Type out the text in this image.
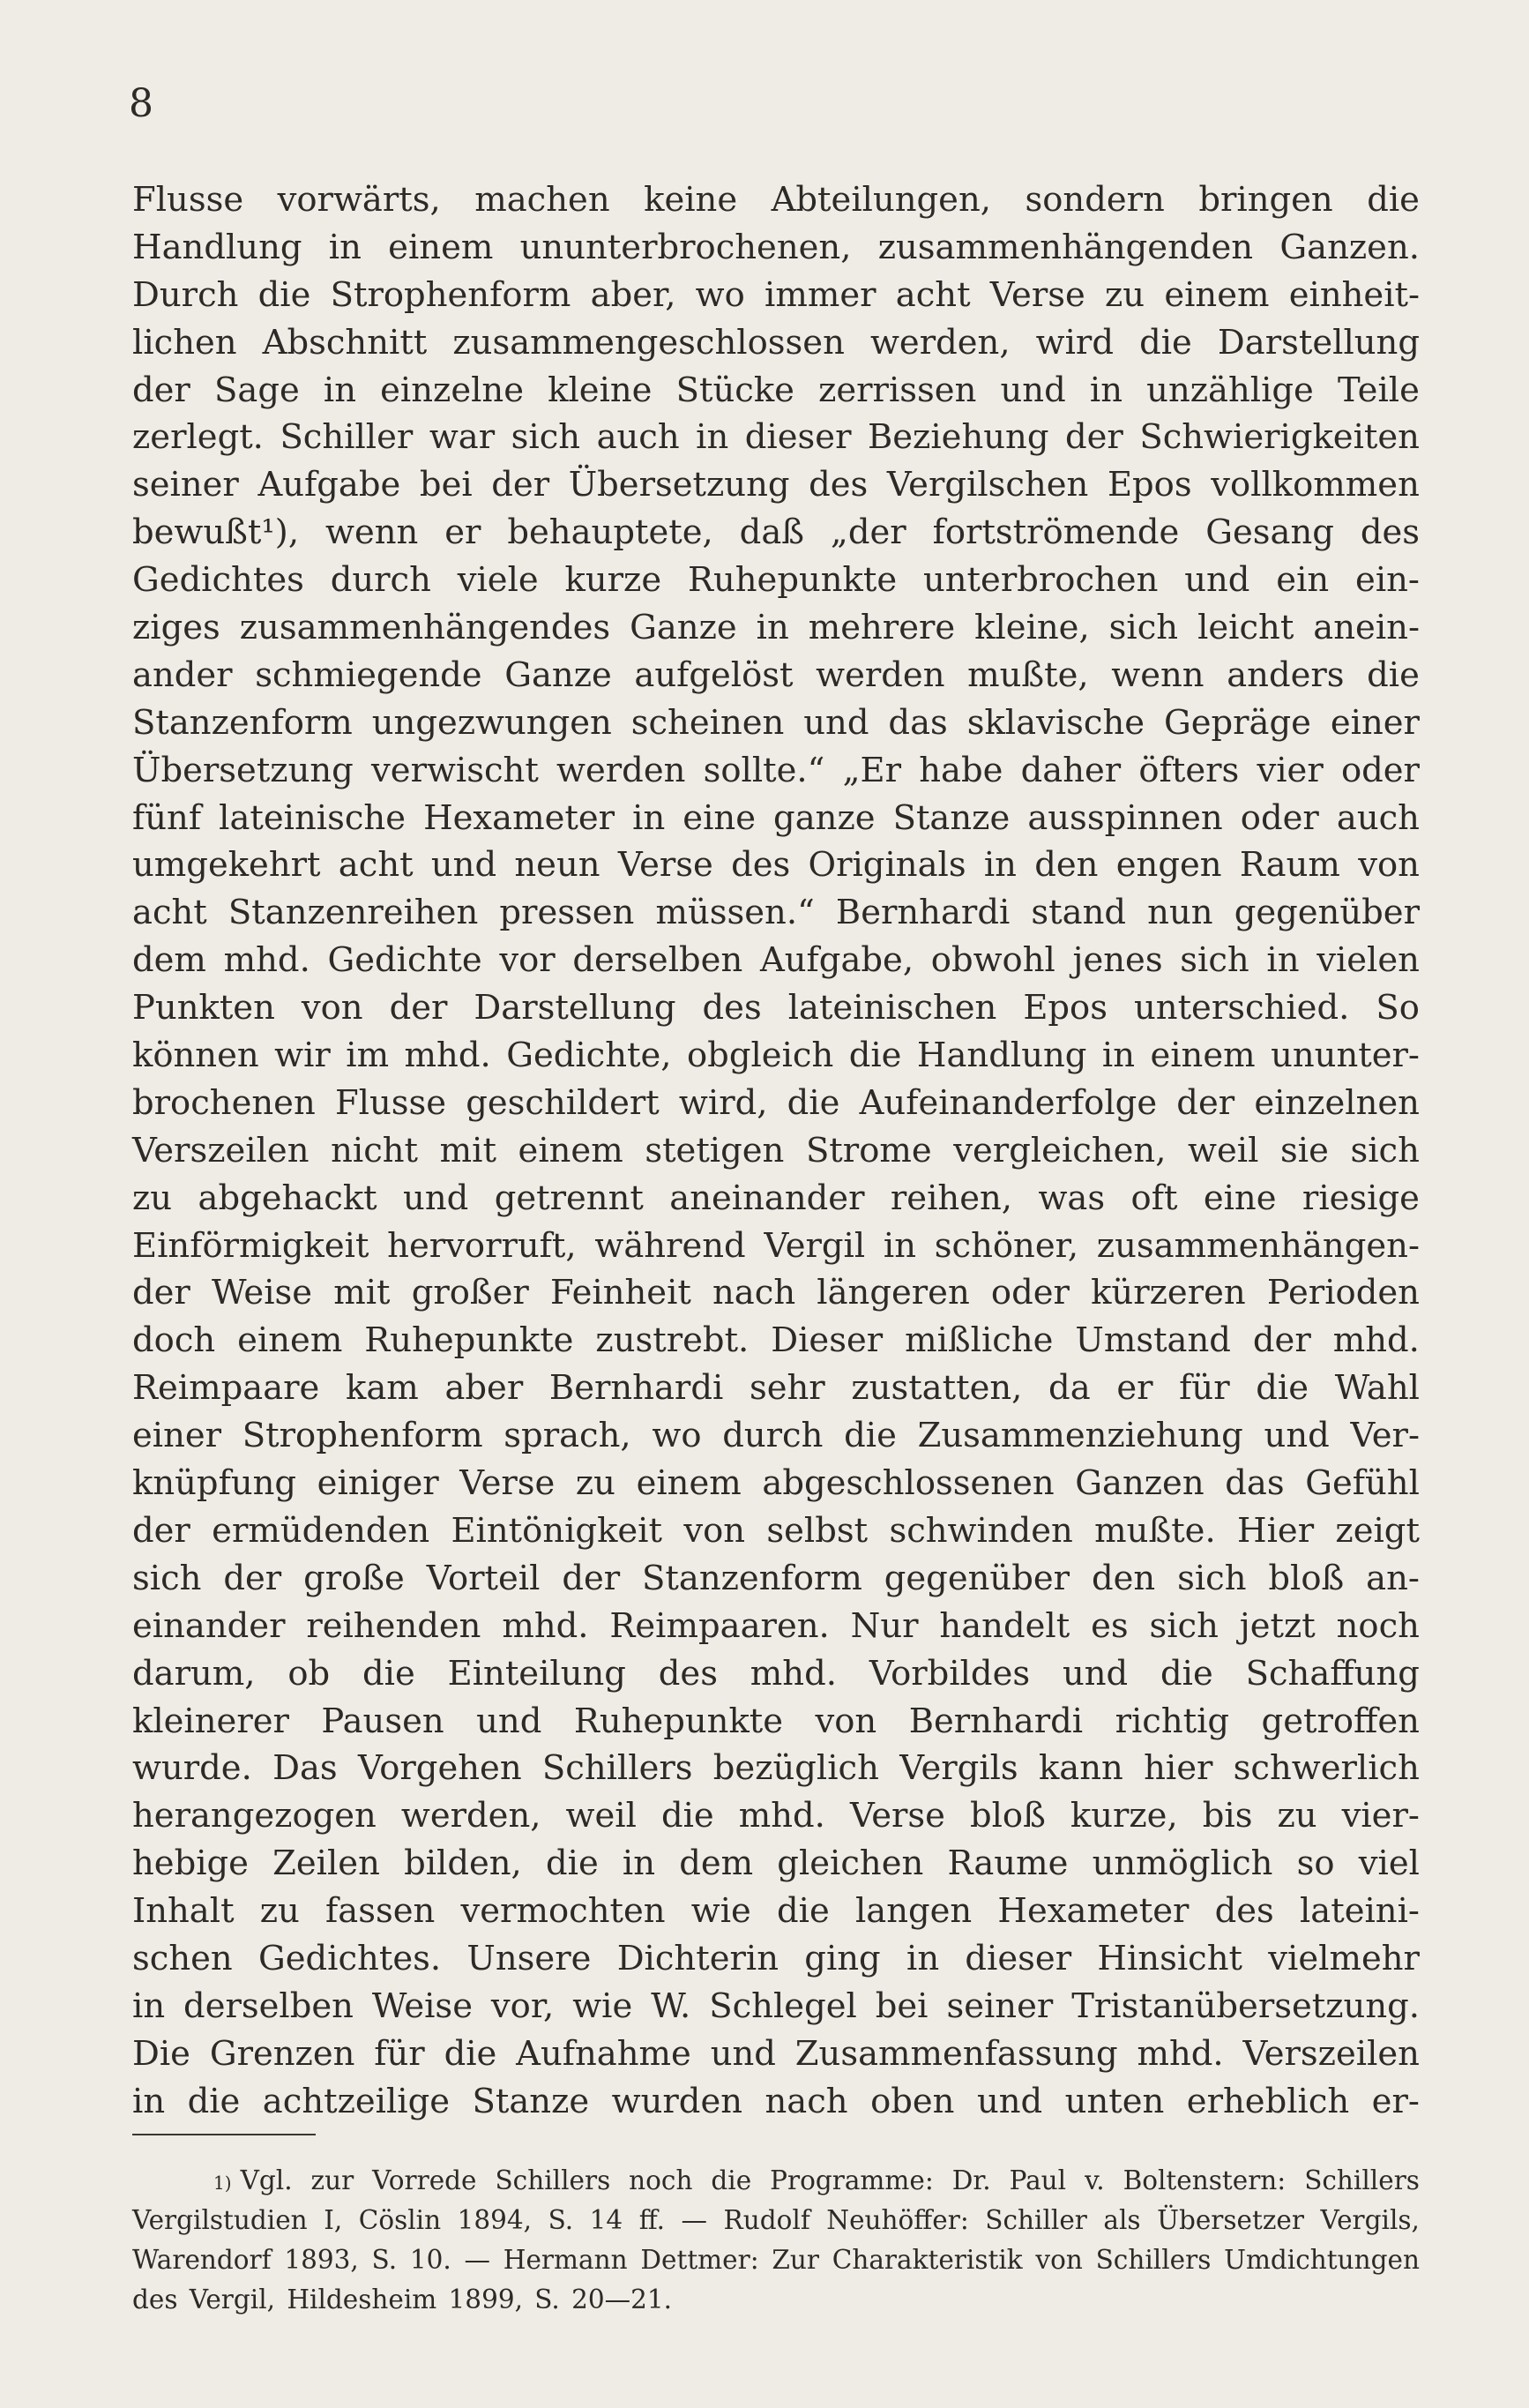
8
Flusse vorwärts, machen keine Abteilungen, sondern bringen die
Handlung in einem ununterbrochenen, zusammenhängenden Ganzen.
Durch die Strophenform aber, wo immer acht Verse zu einem einheit-
lichen Abschnitt zusammengeschlossen werden, wird die Darstellung
der Sage in einzelne kleine Stücke zerrissen und in unzählige Teile
zerlegt. Schiller war sich auch in dieser Beziehung der Schwierigkeiten
seiner Aufgabe bei der Übersetzung des Vergilschen Epos vollkommen
bewußt¹), wenn er behauptete, daß „der fortströmende Gesang des
Gedichtes durch viele kurze Ruhepunkte unterbrochen und ein ein-
ziges zusammenhängendes Ganze in mehrere kleine, sich leicht anein-
ander schmiegende Ganze aufgelöst werden mußte, wenn anders die
Stanzenform ungezwungen scheinen und das sklavische Gepräge einer
Übersetzung verwischt werden sollte.“ „Er habe daher öfters vier oder
fünf lateinische Hexameter in eine ganze Stanze ausspinnen oder auch
umgekehrt acht und neun Verse des Originals in den engen Raum von
acht Stanzenreihen pressen müssen.“ Bernhardi stand nun gegenüber
dem mhd. Gedichte vor derselben Aufgabe, obwohl jenes sich in vielen
Punkten von der Darstellung des lateinischen Epos unterschied. So
können wir im mhd. Gedichte, obgleich die Handlung in einem ununter-
brochenen Flusse geschildert wird, die Aufeinanderfolge der einzelnen
Verszeilen nicht mit einem stetigen Strome vergleichen, weil sie sich
zu abgehackt und getrennt aneinander reihen, was oft eine riesige
Einförmigkeit hervorruft, während Vergil in schöner, zusammenhängen-
der Weise mit großer Feinheit nach längeren oder kürzeren Perioden
doch einem Ruhepunkte zustrebt. Dieser mißliche Umstand der mhd.
Reimpaare kam aber Bernhardi sehr zustatten, da er für die Wahl
einer Strophenform sprach, wo durch die Zusammenziehung und Ver-
knüpfung einiger Verse zu einem abgeschlossenen Ganzen das Gefühl
der ermüdenden Eintönigkeit von selbst schwinden mußte. Hier zeigt
sich der große Vorteil der Stanzenform gegenüber den sich bloß an-
einander reihenden mhd. Reimpaaren. Nur handelt es sich jetzt noch
darum, ob die Einteilung des mhd. Vorbildes und die Schaffung
kleinerer Pausen und Ruhepunkte von Bernhardi richtig getroffen
wurde. Das Vorgehen Schillers bezüglich Vergils kann hier schwerlich
herangezogen werden, weil die mhd. Verse bloß kurze, bis zu vier-
hebige Zeilen bilden, die in dem gleichen Raume unmöglich so viel
Inhalt zu fassen vermochten wie die langen Hexameter des lateini-
schen Gedichtes. Unsere Dichterin ging in dieser Hinsicht vielmehr
in derselben Weise vor, wie W. Schlegel bei seiner Tristanübersetzung.
Die Grenzen für die Aufnahme und Zusammenfassung mhd. Verszeilen
in die achtzeilige Stanze wurden nach oben und unten erheblich er-
1) Vgl. zur Vorrede Schillers noch die Programme: Dr. Paul v. Boltenstern: Schillers
Vergilstudien I, Cöslin 1894, S. 14 ff. — Rudolf Neuhöffer: Schiller als Übersetzer Vergils,
Warendorf 1893, S. 10. — Hermann Dettmer: Zur Charakteristik von Schillers Umdichtungen
des Vergil, Hildesheim 1899, S. 20—21.
